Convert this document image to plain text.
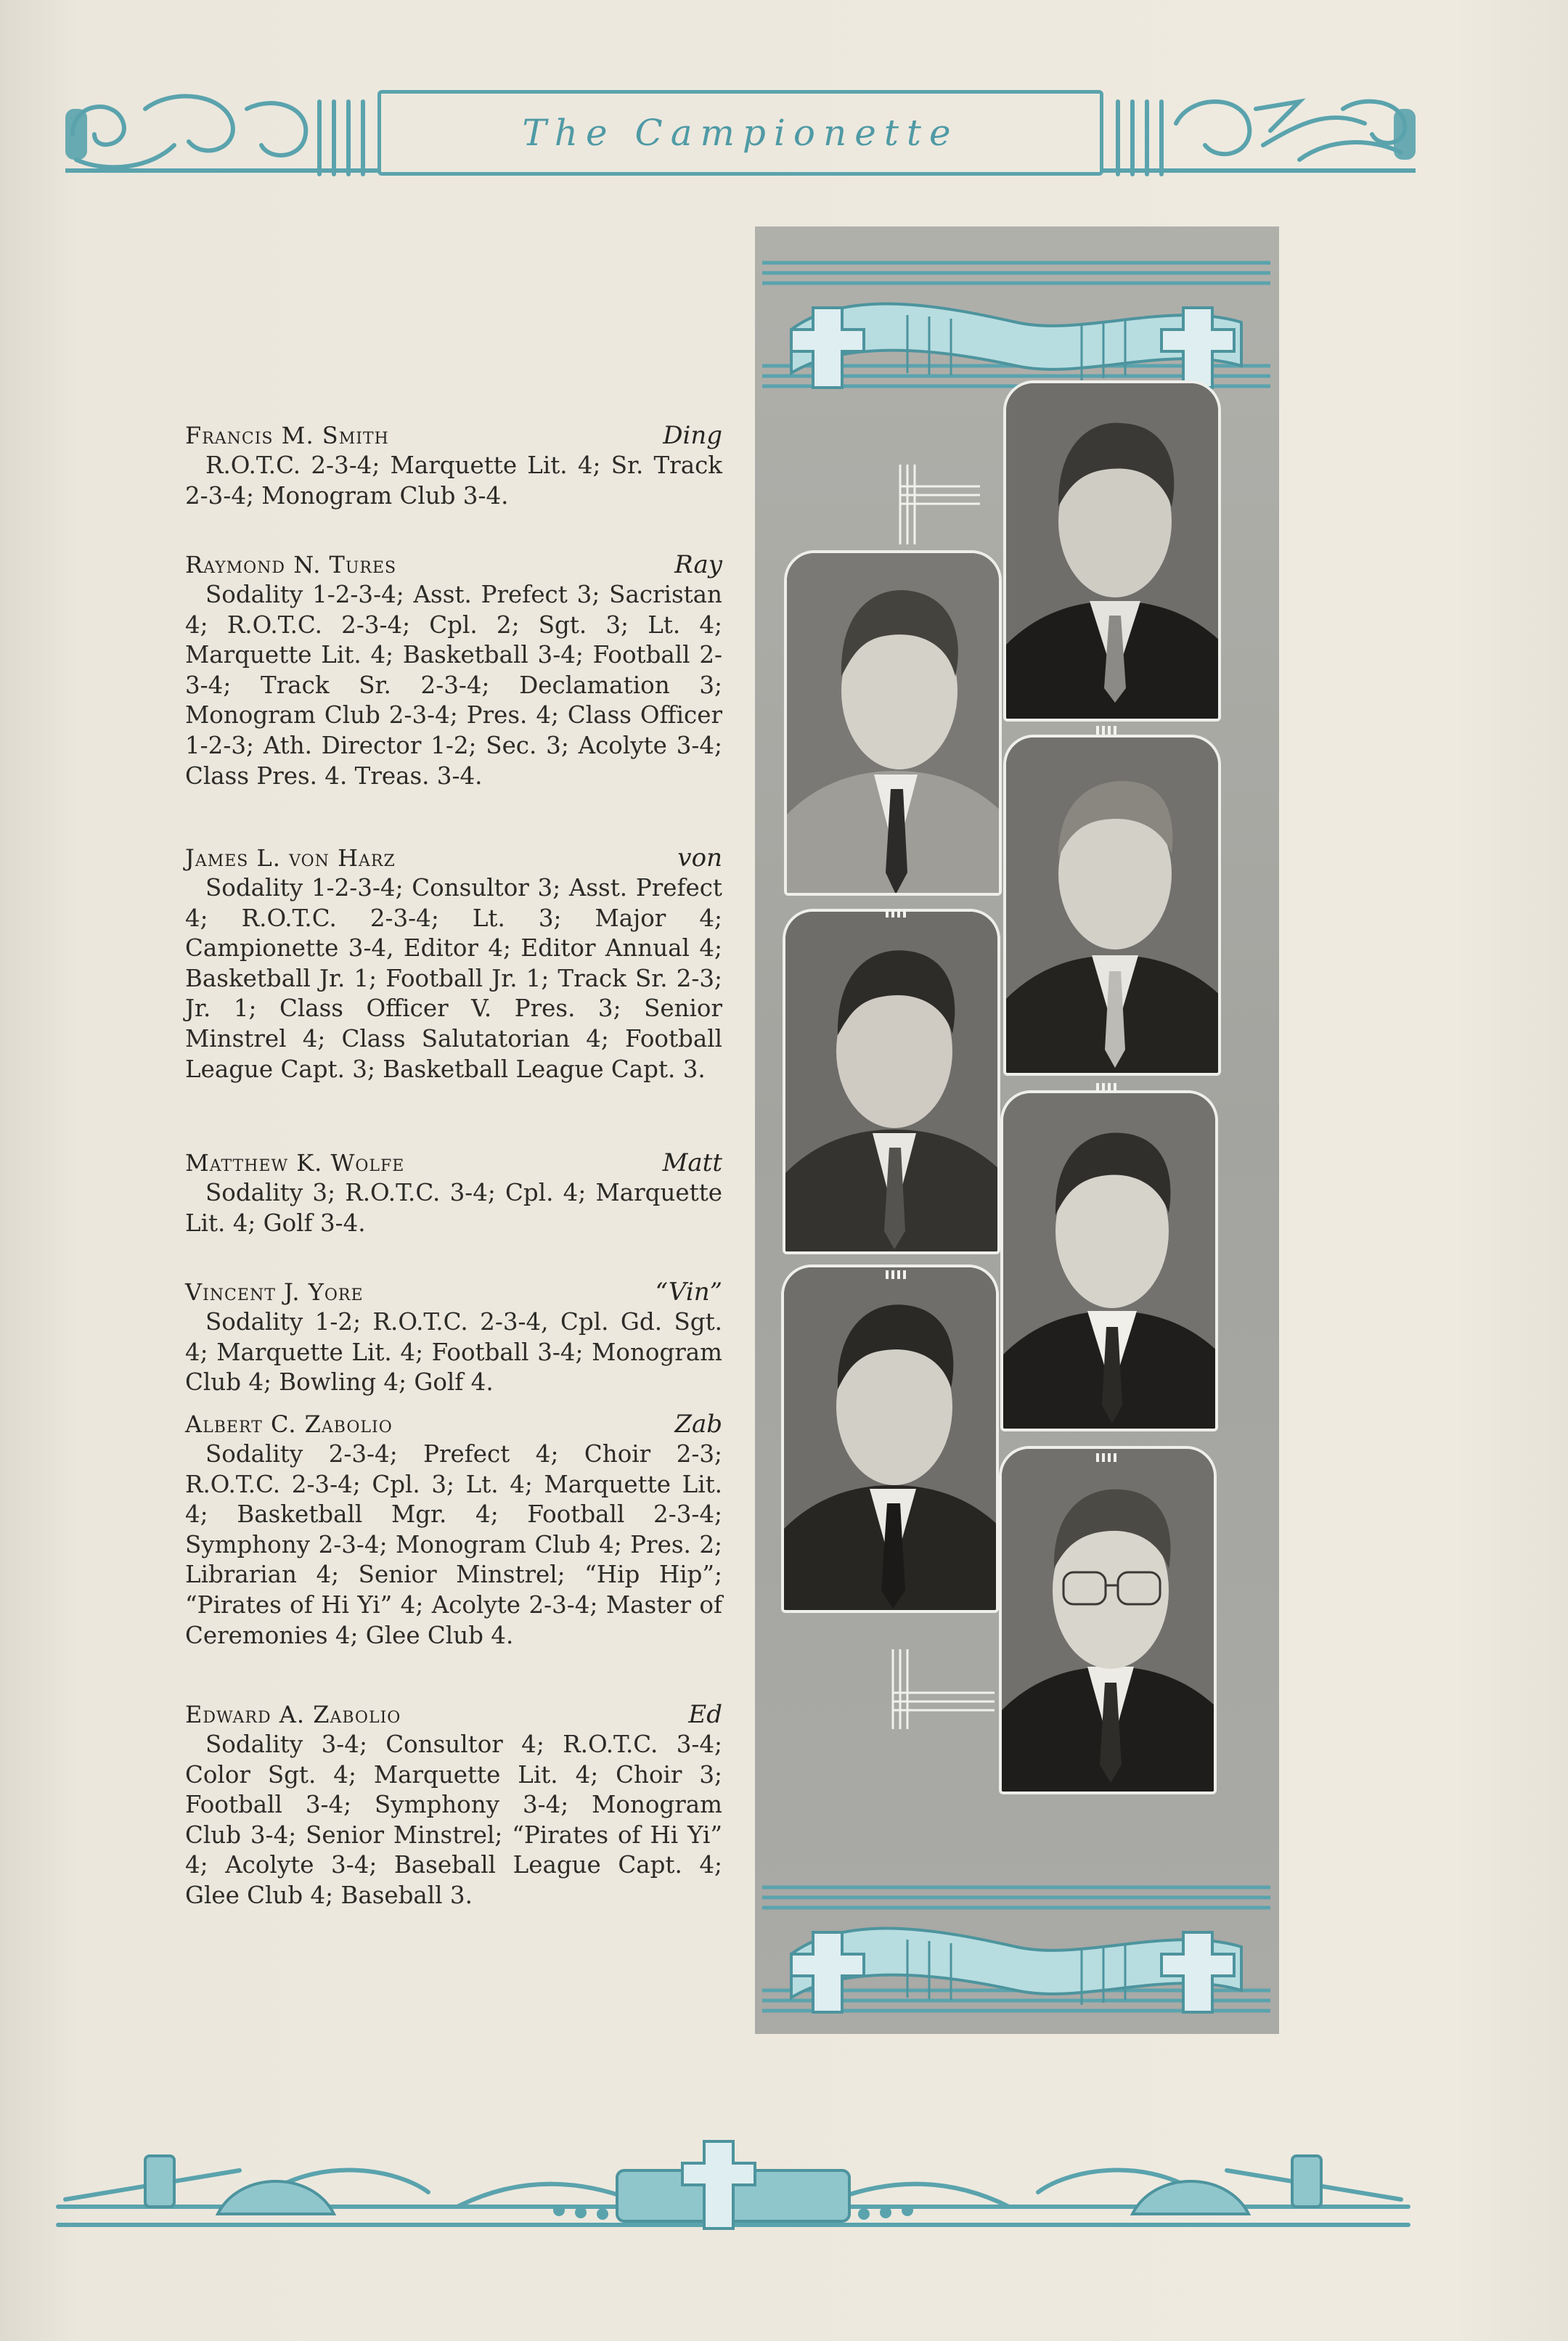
The Campionette
Francis M. Smith	Ding
R.O.T.C. 2-3-4; Marquette Lit. 4; Sr. Track 2-3-4; Monogram Club 3-4.
Raymond N. Tures	Ray
Sodality 1-2-3-4; Asst. Prefect 3; Sacristan 4; R.O.T.C. 2-3-4; Cpl. 2; Sgt. 3; Lt. 4; Marquette Lit. 4; Basketball 3-4; Football 2-3-4; Track Sr. 2-3-4; Declamation 3; Monogram Club 2-3-4; Pres. 4; Class Officer 1-2-3; Ath. Director 1-2; Sec. 3; Acolyte 3-4; Class Pres. 4. Treas. 3-4.
James L. von Harz	von
Sodality 1-2-3-4; Consultor 3; Asst. Prefect 4; R.O.T.C. 2-3-4; Lt. 3; Major 4; Campionette 3-4, Editor 4; Editor Annual 4; Basketball Jr. 1; Football Jr. 1; Track Sr. 2-3; Jr. 1; Class Officer V. Pres. 3; Senior Minstrel 4; Class Salutatorian 4; Football League Capt. 3; Basketball League Capt. 3.
Matthew K. Wolfe	Matt
Sodality 3; R.O.T.C. 3-4; Cpl. 4; Marquette Lit. 4; Golf 3-4.
Vincent J. Yore	“Vin”
Sodality 1-2; R.O.T.C. 2-3-4, Cpl. Gd. Sgt. 4; Marquette Lit. 4; Football 3-4; Monogram Club 4; Bowling 4; Golf 4.
Albert C. Zabolio	Zab
Sodality 2-3-4; Prefect 4; Choir 2-3; R.O.T.C. 2-3-4; Cpl. 3; Lt. 4; Marquette Lit. 4; Basketball Mgr. 4; Football 2-3-4; Symphony 2-3-4; Monogram Club 4; Pres. 2; Librarian 4; Senior Minstrel; “Hip Hip”; “Pirates of Hi Yi” 4; Acolyte 2-3-4; Master of Ceremonies 4; Glee Club 4.
Edward A. Zabolio	Ed
Sodality 3-4; Consultor 4; R.O.T.C. 3-4; Color Sgt. 4; Marquette Lit. 4; Choir 3; Football 3-4; Symphony 3-4; Monogram Club 3-4; Senior Minstrel; “Pirates of Hi Yi” 4; Acolyte 3-4; Baseball League Capt. 4; Glee Club 4; Baseball 3.
